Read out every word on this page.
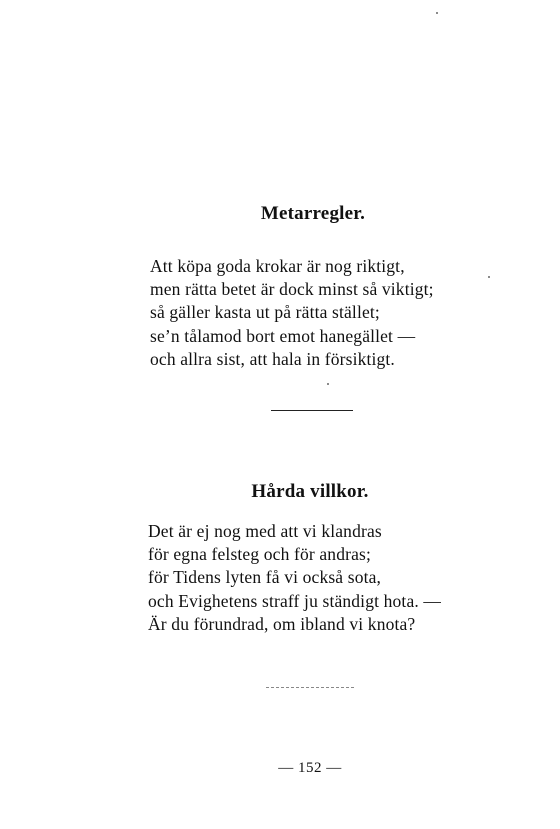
Metarregler.
Att köpa goda krokar är nog riktigt,
men rätta betet är dock minst så viktigt;
så gäller kasta ut på rätta stället;
se’n tålamod bort emot hanegället —
och allra sist, att hala in försiktigt.
Hårda villkor.
Det är ej nog med att vi klandras
för egna felsteg och för andras;
för Tidens lyten få vi också sota,
och Evighetens straff ju ständigt hota. —
Är du förundrad, om ibland vi knota?
— 152 —
